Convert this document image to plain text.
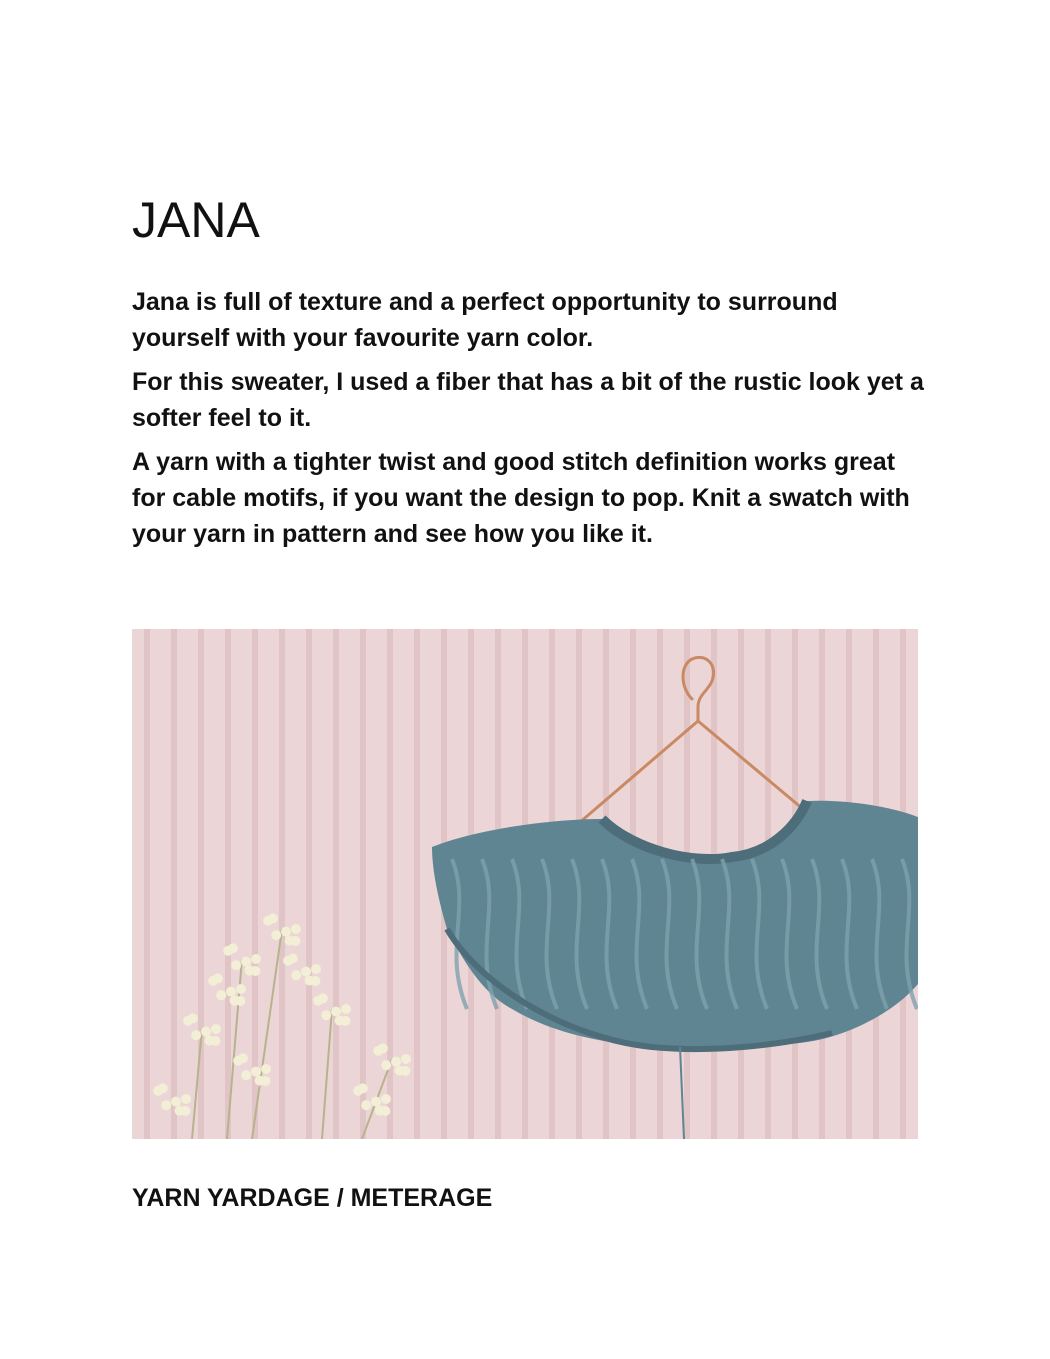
JANA

Jana is full of texture and a perfect opportunity to surround yourself with your favourite yarn color.

For this sweater, I used a fiber that has a bit of the rustic look yet a softer feel to it.

A yarn with a tighter twist and good stitch definition works great for cable motifs, if you want the design to pop. Knit a swatch with your yarn in pattern and see how you like it.

YARN YARDAGE / METERAGE
